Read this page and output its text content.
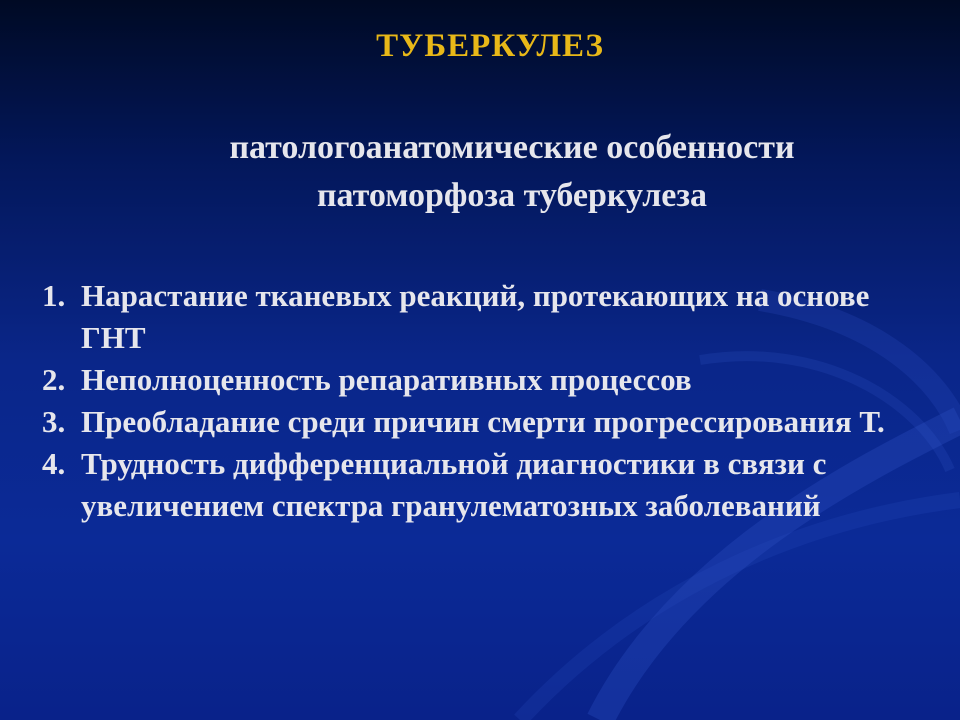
ТУБЕРКУЛЕЗ
патологоанатомические особенности
патоморфоза туберкулеза
1. Нарастание тканевых реакций, протекающих на основе ГНТ
2. Неполноценность репаративных процессов
3. Преобладание среди причин смерти прогрессирования Т.
4. Трудность дифференциальной диагностики в связи с увеличением спектра гранулематозных заболеваний
